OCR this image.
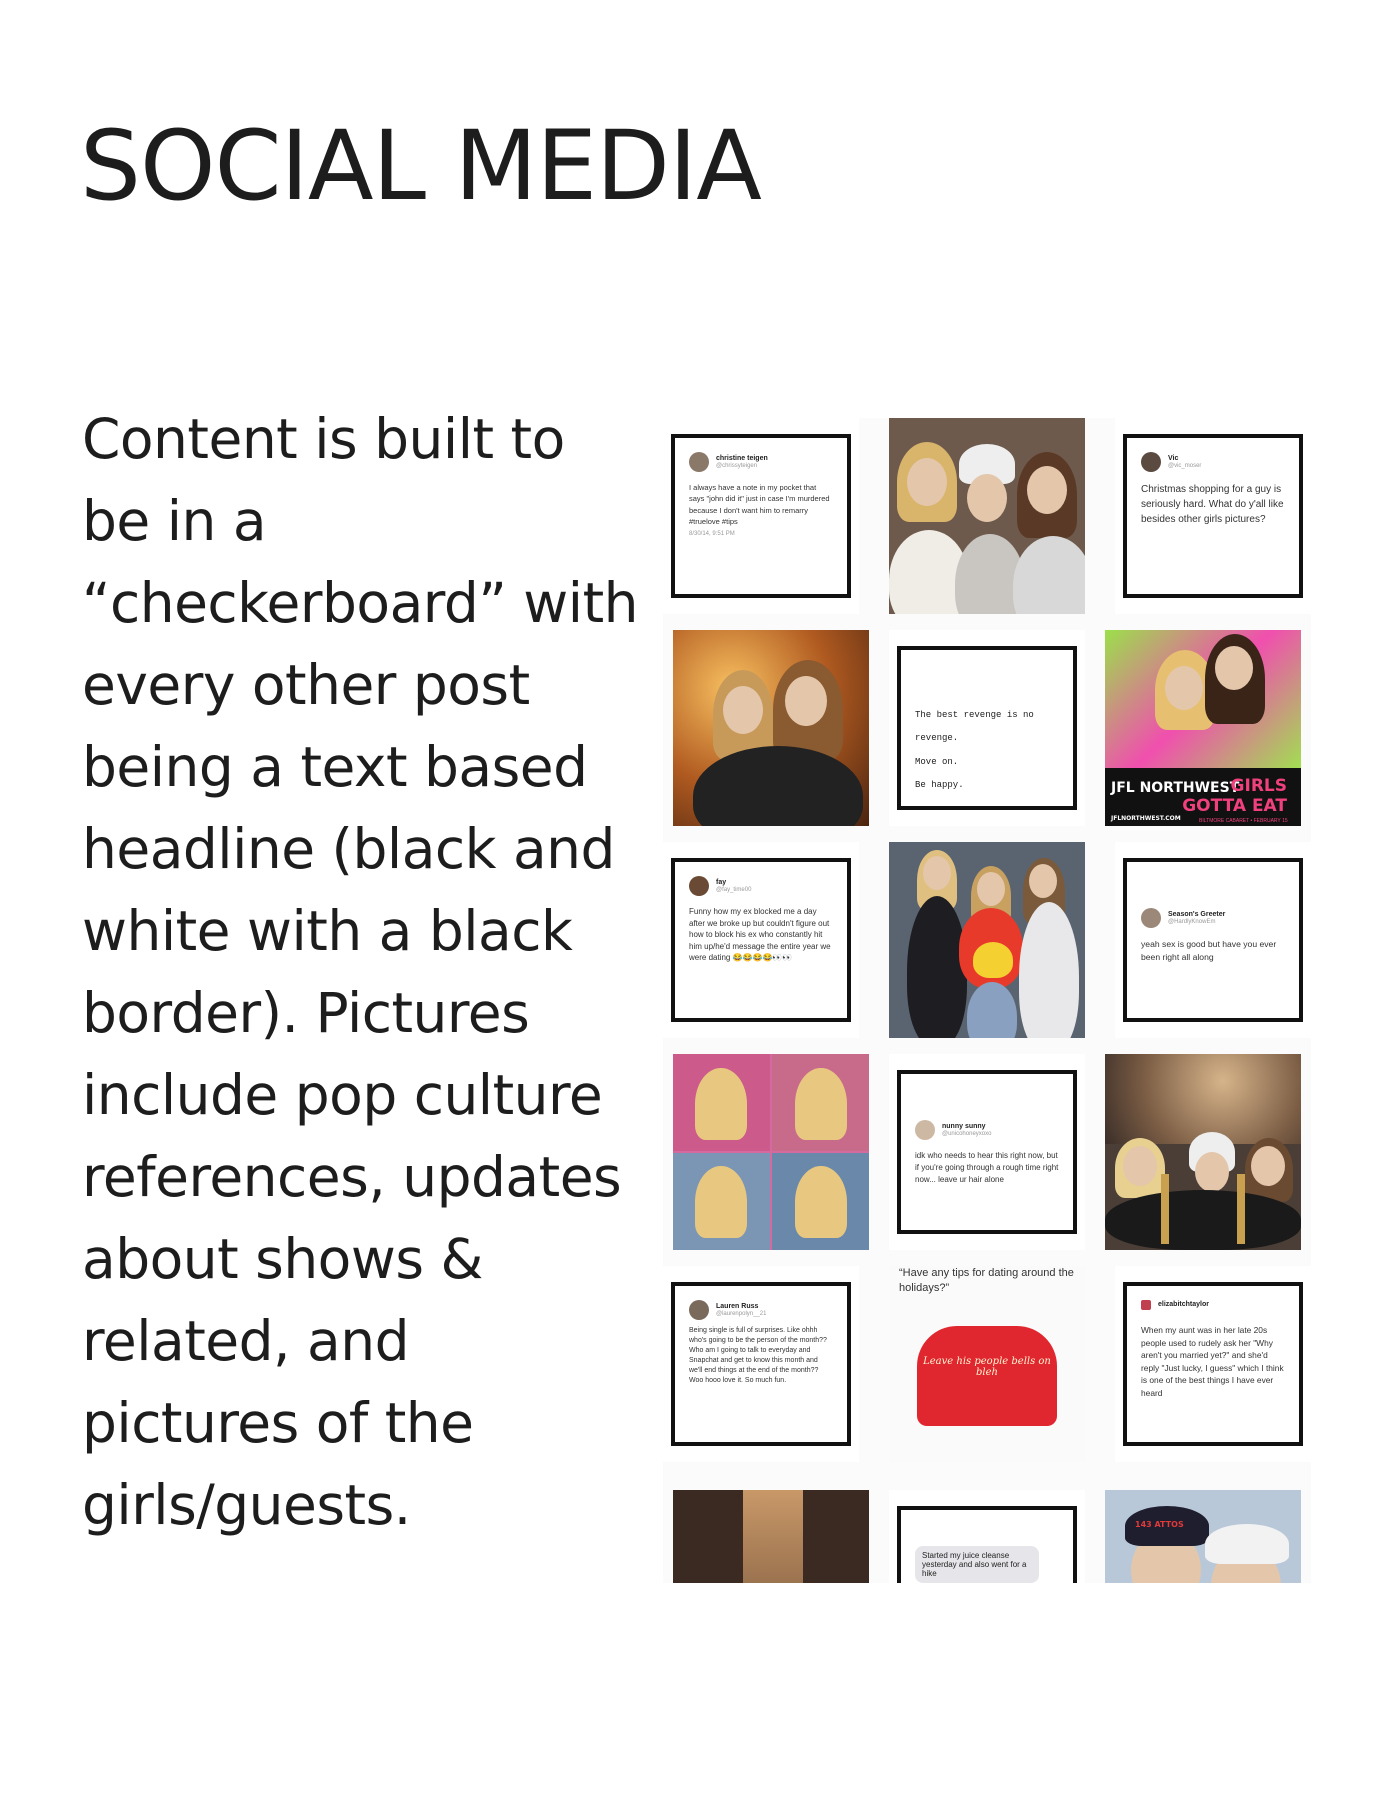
SOCIAL MEDIA

Content is built to be in a “checkerboard” with every other post being a text based headline (black and white with a black border). Pictures include pop culture references, updates about shows & related, and pictures of the girls/guests.

christine teigen
@chrissyteigen
I always have a note in my pocket that says "john did it" just in case I'm murdered because I don't want him to remarry #truelove #tips
8/30/14, 9:51 PM
Vic
@vic_moser
Christmas shopping for a guy is seriously hard. What do y'all like besides other girls pictures?
The best revenge is no revenge.
Move on.
Be happy.	JFL NORTHWEST
JFLNORTHWEST.COM
GIRLS
GOTTA EAT
BILTMORE CABARET • FEBRUARY 15
fay
@fay_time00
Funny how my ex blocked me a day after we broke up but couldn't figure out how to block his ex who constantly hit him up/he'd message the entire year we were dating 😂😂😂😂👀👀
Season's Greeter
@HardlyKnowEm
yeah sex is good but have you ever been right all along
nunny sunny
@unicohoneyxoxo
idk who needs to hear this right now, but if you're going through a rough time right now... leave ur hair alone
Lauren Russ
@laurenpolyn__21
Being single is full of surprises. Like ohhh who's going to be the person of the month?? Who am I going to talk to everyday and Snapchat and get to know this month and we'll end things at the end of the month?? Woo hooo love it. So much fun.
“Have any tips for dating around the holidays?”
Leave his people bells on bleh
elizabitchtaylor
When my aunt was in her late 20s people used to rudely ask her "Why aren't you married yet?" and she'd reply "Just lucky, I guess" which I think is one of the best things I have ever heard
Started my juice cleanse yesterday and also went for a hike
143 ATTOS
